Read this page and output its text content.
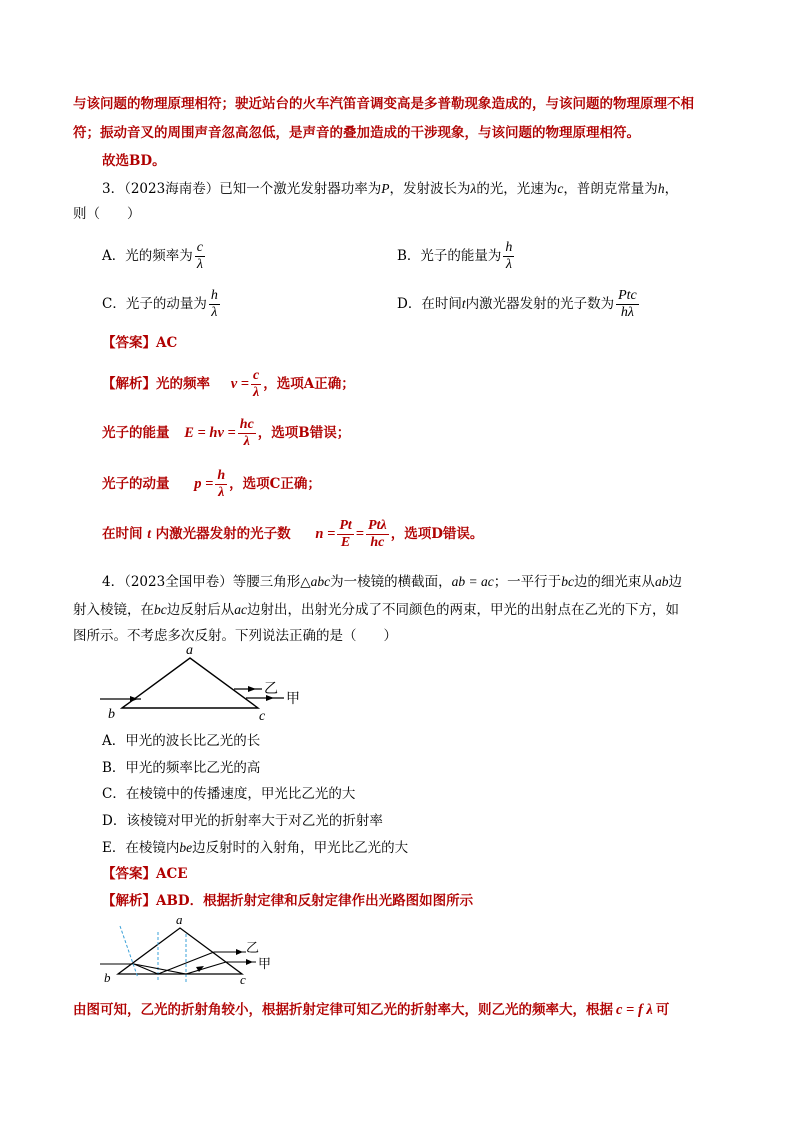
与该问题的物理原理相符；驶近站台的火车汽笛音调变高是多普勒现象造成的，与该问题的物理原理不相
符；振动音叉的周围声音忽高忽低，是声音的叠加造成的干涉现象，与该问题的物理原理相符。
故选BD。
3．（2023海南卷）已知一个激光发射器功率为P，发射波长为λ的光，光速为c，普朗克常量为h，
则（　　）
A．光的频率为 $\frac{c}{\lambda}$	B．光子的能量为 $\frac{h}{\lambda}$
C．光子的动量为 $\frac{h}{\lambda}$	D．在时间t内激光器发射的光子数为 $\frac{\text{Ptc}}{h\lambda}$
【答案】AC
【解析】光的频率 $\nu = \frac{c}{\lambda}$ ，选项A正确；
光子的能量 $E = h\nu = \frac{hc}{\lambda}$ ，选项B错误；
光子的动量 $p = \frac{h}{\lambda}$ ，选项C正确；
在时间 t 内激光器发射的光子数 $n = \frac{Pt}{E} = \frac{\text{Ptλ}}{hc}$ ，选项D错误。
4．（2023全国甲卷）等腰三角形△abc为一棱镜的横截面，ab = ac；一平行于bc边的细光束从ab边
射入棱镜，在bc边反射后从ac边射出，出射光分成了不同颜色的两束，甲光的出射点在乙光的下方，如
图所示。不考虑多次反射。下列说法正确的是（　　）
a
b	c
乙
甲
A．甲光的波长比乙光的长
B．甲光的频率比乙光的高
C．在棱镜中的传播速度，甲光比乙光的大
D．该棱镜对甲光的折射率大于对乙光的折射率
E．在棱镜内be边反射时的入射角，甲光比乙光的大
【答案】ACE
【解析】ABD．根据折射定律和反射定律作出光路图如图所示
a
b	c
乙
甲
由图可知，乙光的折射角较小，根据折射定律可知乙光的折射率大，则乙光的频率大，根据 c = f λ 可
